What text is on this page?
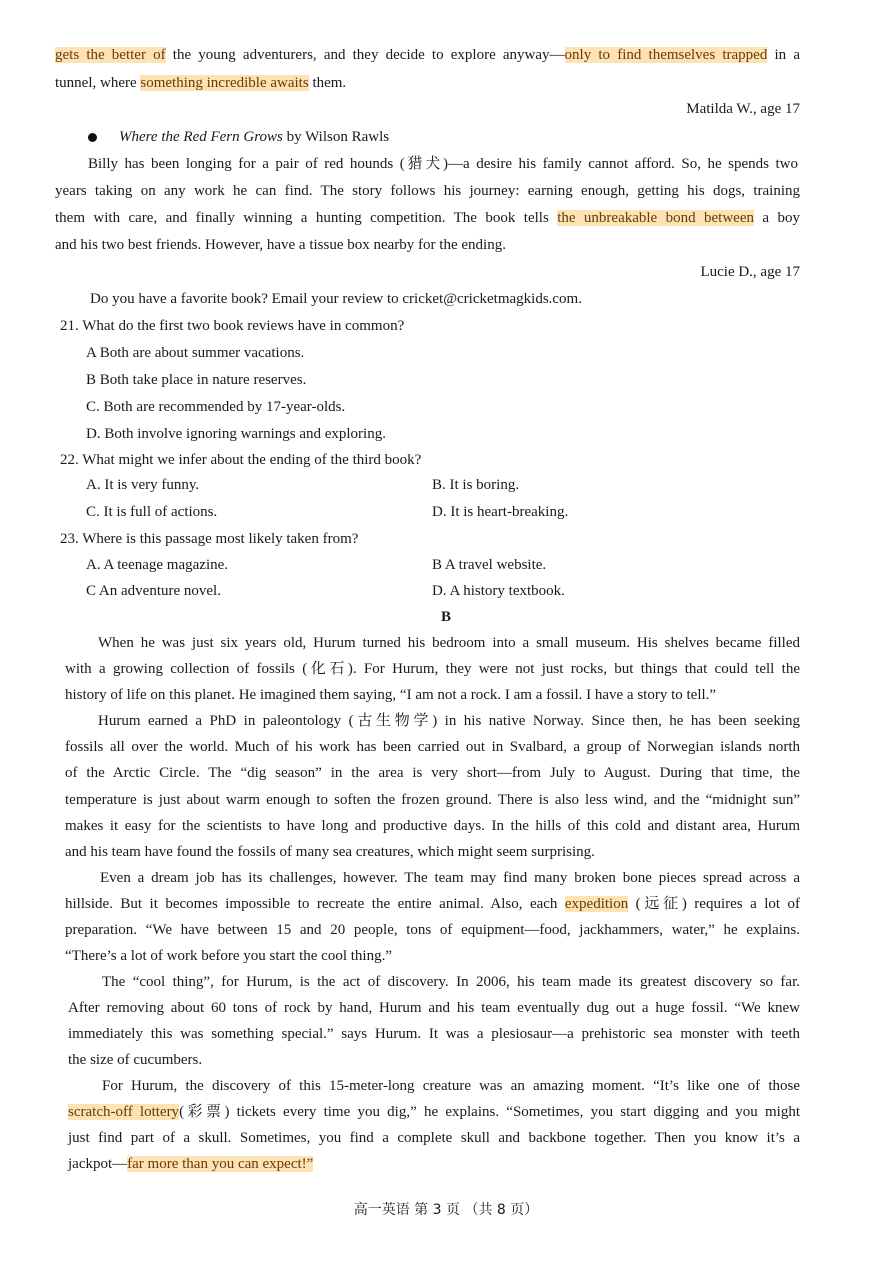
gets the better of the young adventurers, and they decide to explore anyway—only to find themselves trapped in a
tunnel, where something incredible awaits them.
Matilda W., age 17
Where the Red Fern Grows by Wilson Rawls
Billy has been longing for a pair of red hounds (猎犬)—a desire his family cannot afford. So, he spends two
years taking on any work he can find. The story follows his journey: earning enough, getting his dogs, training
them with care, and finally winning a hunting competition. The book tells the unbreakable bond between a boy
and his two best friends. However, have a tissue box nearby for the ending.
Lucie D., age 17
Do you have a favorite book? Email your review to cricket@cricketmagkids.com.
21. What do the first two book reviews have in common?
A Both are about summer vacations.
B Both take place in nature reserves.
C. Both are recommended by 17-year-olds.
D. Both involve ignoring warnings and exploring.
22. What might we infer about the ending of the third book?
A. It is very funny.	B. It is boring.
C. It is full of actions.	D. It is heart-breaking.
23. Where is this passage most likely taken from?
A. A teenage magazine.	B A travel website.
C An adventure novel.	D. A history textbook.
B
When he was just six years old, Hurum turned his bedroom into a small museum. His shelves became filled
with a growing collection of fossils (化石). For Hurum, they were not just rocks, but things that could tell the
history of life on this planet. He imagined them saying, “I am not a rock. I am a fossil. I have a story to tell.”
Hurum earned a PhD in paleontology (古生物学) in his native Norway. Since then, he has been seeking
fossils all over the world. Much of his work has been carried out in Svalbard, a group of Norwegian islands north
of the Arctic Circle. The “dig season” in the area is very short—from July to August. During that time, the
temperature is just about warm enough to soften the frozen ground. There is also less wind, and the “midnight sun”
makes it easy for the scientists to have long and productive days. In the hills of this cold and distant area, Hurum
and his team have found the fossils of many sea creatures, which might seem surprising.
Even a dream job has its challenges, however. The team may find many broken bone pieces spread across a
hillside. But it becomes impossible to recreate the entire animal. Also, each expedition (远征) requires a lot of
preparation. “We have between 15 and 20 people, tons of equipment—food, jackhammers, water,” he explains.
“There’s a lot of work before you start the cool thing.”
The “cool thing”, for Hurum, is the act of discovery. In 2006, his team made its greatest discovery so far.
After removing about 60 tons of rock by hand, Hurum and his team eventually dug out a huge fossil. “We knew
immediately this was something special.” says Hurum. It was a plesiosaur—a prehistoric sea monster with teeth
the size of cucumbers.
For Hurum, the discovery of this 15-meter-long creature was an amazing moment. “It’s like one of those
scratch-off lottery(彩票) tickets every time you dig,” he explains. “Sometimes, you start digging and you might
just find part of a skull. Sometimes, you find a complete skull and backbone together. Then you know it’s a
jackpot—far more than you can expect!”
高一英语 第 3 页 （共 8 页）
